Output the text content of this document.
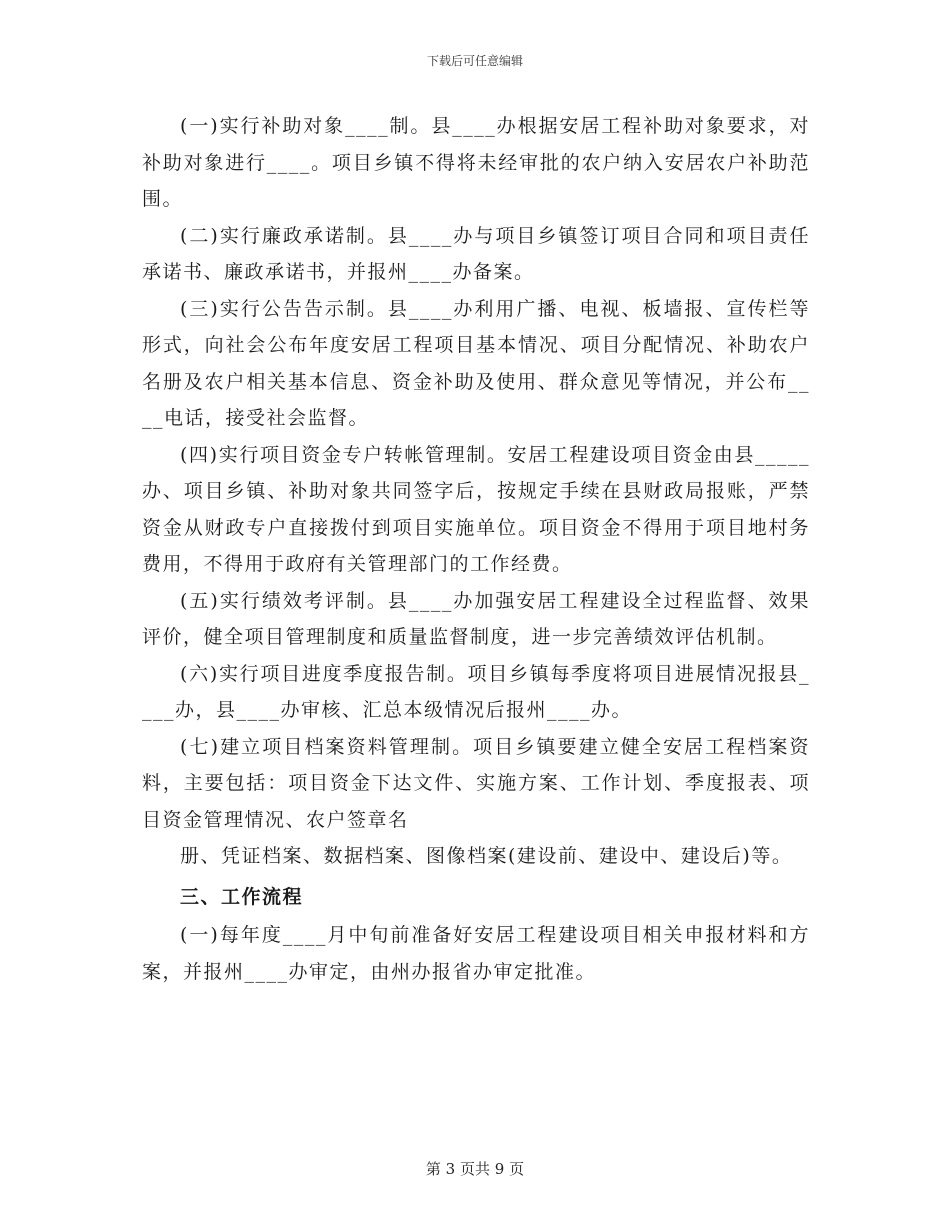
下载后可任意编辑

(一)实行补助对象____制。县____办根据安居工程补助对象要求，对补助对象进行____。项目乡镇不得将未经审批的农户纳入安居农户补助范围。

(二)实行廉政承诺制。县____办与项目乡镇签订项目合同和项目责任承诺书、廉政承诺书，并报州____办备案。

(三)实行公告告示制。县____办利用广播、电视、板墙报、宣传栏等形式，向社会公布年度安居工程项目基本情况、项目分配情况、补助农户名册及农户相关基本信息、资金补助及使用、群众意见等情况，并公布____电话，接受社会监督。

(四)实行项目资金专户转帐管理制。安居工程建设项目资金由县_____办、项目乡镇、补助对象共同签字后，按规定手续在县财政局报账，严禁资金从财政专户直接拨付到项目实施单位。项目资金不得用于项目地村务费用，不得用于政府有关管理部门的工作经费。

(五)实行绩效考评制。县____办加强安居工程建设全过程监督、效果评价，健全项目管理制度和质量监督制度，进一步完善绩效评估机制。

(六)实行项目进度季度报告制。项目乡镇每季度将项目进展情况报县____办，县____办审核、汇总本级情况后报州____办。

(七)建立项目档案资料管理制。项目乡镇要建立健全安居工程档案资料，主要包括：项目资金下达文件、实施方案、工作计划、季度报表、项目资金管理情况、农户签章名

册、凭证档案、数据档案、图像档案(建设前、建设中、建设后)等。

三、工作流程

(一)每年度____月中旬前准备好安居工程建设项目相关申报材料和方案，并报州____办审定，由州办报省办审定批准。

第 3 页共 9 页
